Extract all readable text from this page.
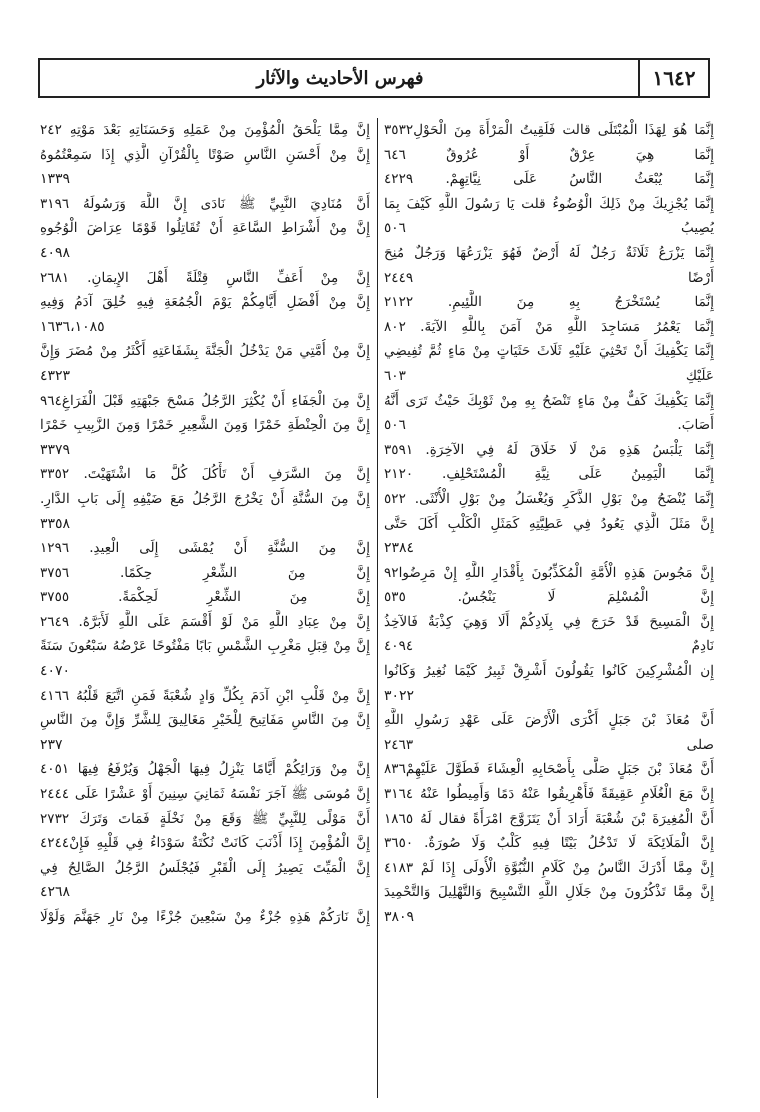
١٦٤٢
فهرس الأحاديث والآثار
إِنَّمَا هُوَ لِهَذَا الْمُبْتَلَى قالت فَلَقِيتُ الْمَرْأَةَ مِنَ الْحَوْلِ٣٥٣٢
إِنَّمَا هِيَ عِرْقٌ أَوْ عُرُوقٌ ٦٤٦
إِنَّمَا يُبْعَثُ النَّاسُ عَلَى نِيَّاتِهِمْ. ٤٢٢٩
إِنَّمَا يُجْزِيكَ مِنْ ذَلِكَ الْوُضُوءُ قلت يَا رَسُولَ اللَّهِ كَيْفَ بِمَا
يُصِيبُ ٥٠٦
إِنَّمَا يَزْرَعُ ثَلَاثَةٌ رَجُلٌ لَهُ أَرْضٌ فَهُوَ يَزْرَعُهَا وَرَجُلٌ مُنِحَ
أَرْضًا ٢٤٤٩
إِنَّمَا يُسْتَخْرَجُ بِهِ مِنَ اللَّئِيمِ. ٢١٢٢
إِنَّمَا يَعْمُرُ مَسَاجِدَ اللَّهِ مَنْ آمَنَ بِاللَّهِ الآيَةَ. ٨٠٢
إِنَّمَا يَكْفِيكَ أَنْ تَحْثِيَ عَلَيْهِ ثَلَاثَ حَثَيَاتٍ مِنْ مَاءٍ ثُمَّ تُفِيضِي
عَلَيْكِ ٦٠٣
إِنَّمَا يَكْفِيكَ كَفٌّ مِنْ مَاءٍ تَنْضَحُ بِهِ مِنْ ثَوْبِكَ حَيْثُ تَرَى أَنَّهُ
أَصَابَ. ٥٠٦
إِنَّمَا يَلْبَسُ هَذِهِ مَنْ لَا خَلَاقَ لَهُ فِي الآخِرَةِ. ٣٥٩١
إِنَّمَا الْيَمِينُ عَلَى نِيَّةِ الْمُسْتَحْلِفِ. ٢١٢٠
إِنَّمَا يُنْضَحُ مِنْ بَوْلِ الذَّكَرِ وَيُغْسَلُ مِنْ بَوْلِ الْأُنْثَى. ٥٢٢
إِنَّ مَثَلَ الَّذِي يَعُودُ فِي عَطِيَّتِهِ كَمَثَلِ الْكَلْبِ أَكَلَ حَتَّى
٢٣٨٤
إِنَّ مَجُوسَ هَذِهِ الْأُمَّةِ الْمُكَذِّبُونَ بِأَقْدَارِ اللَّهِ إِنْ مَرِضُوا٩٢
إِنَّ الْمُسْلِمَ لَا يَنْجُسُ. ٥٣٥
إِنَّ الْمَسِيحَ قَدْ خَرَجَ فِي بِلَادِكُمْ أَلَا وَهِيَ كِذْبَةٌ فَالآخِذُ
نَادِمٌ ٤٠٩٤
إِن الْمُشْرِكِينَ كَانُوا يَقُولُونَ أَشْرِقْ ثَبِيرُ كَيْمَا نُغِيرُ وَكَانُوا
٣٠٢٢
أَنَّ مُعَاذَ بْنَ جَبَلٍ أَكْرَى الْأَرْضَ عَلَى عَهْدِ رَسُولِ اللَّهِ
صلى ٢٤٦٣
أَنَّ مُعَاذَ بْنَ جَبَلٍ صَلَّى بِأَصْحَابِهِ الْعِشَاءَ فَطَوَّلَ عَلَيْهِمْ٨٣٦
إِنَّ مَعَ الْغُلَامِ عَقِيقَةً فَأَهْرِيقُوا عَنْهُ دَمًا وَأَمِيطُوا عَنْهُ ٣١٦٤
أَنَّ الْمُغِيرَةَ بْنَ شُعْبَةَ أَرَادَ أَنْ يَتَزَوَّجَ امْرَأَةً فقال لَهُ ١٨٦٥
إِنَّ الْمَلَائِكَةَ لَا تَدْخُلُ بَيْتًا فِيهِ كَلْبٌ وَلَا صُورَةٌ. ٣٦٥٠
إِنَّ مِمَّا أَدْرَكَ النَّاسُ مِنْ كَلَامِ النُّبُوَّةِ الْأُولَى إِذَا لَمْ ٤١٨٣
إِنَّ مِمَّا تَذْكُرُونَ مِنْ جَلَالِ اللَّهِ التَّسْبِيحَ وَالتَّهْلِيلَ وَالتَّحْمِيدَ
٣٨٠٩
إِنَّ مِمَّا يَلْحَقُ الْمُؤْمِنَ مِنْ عَمَلِهِ وَحَسَنَاتِهِ بَعْدَ مَوْتِهِ ٢٤٢
إِنَّ مِنْ أَحْسَنِ النَّاسِ صَوْتًا بِالْقُرْآنِ الَّذِي إِذَا سَمِعْتُمُوهُ
١٣٣٩
أَنَّ مُنَادِيَ النَّبِيِّ ﷺ نَادَى إِنَّ اللَّهَ وَرَسُولَهُ ٣١٩٦
إِنَّ مِنْ أَشْرَاطِ السَّاعَةِ أَنْ تُقَاتِلُوا قَوْمًا عِرَاضَ الْوُجُوهِ
٤٠٩٨
إِنَّ مِنْ أَعَفِّ النَّاسِ قِتْلَةً أَهْلَ الإِيمَانِ. ٢٦٨١
إِنَّ مِنْ أَفْضَلِ أَيَّامِكُمْ يَوْمَ الْجُمُعَةِ فِيهِ خُلِقَ آدَمُ وَفِيهِ
١٦٣٦،١٠٨٥
إِنَّ مِنْ أُمَّتِي مَنْ يَدْخُلُ الْجَنَّةَ بِشَفَاعَتِهِ أَكْثَرُ مِنْ مُضَرَ وَإِنَّ
٤٣٢٣
إِنَّ مِنَ الْجَفَاءِ أَنْ يُكْثِرَ الرَّجُلُ مَسْحَ جَبْهَتِهِ قَبْلَ الْفَرَاغِ٩٦٤
إِنَّ مِنَ الْحِنْطَةِ خَمْرًا وَمِنَ الشَّعِيرِ خَمْرًا وَمِنَ الزَّبِيبِ خَمْرًا
٣٣٧٩
إِنَّ مِنَ السَّرَفِ أَنْ تَأْكُلَ كُلَّ مَا اشْتَهَيْتَ. ٣٣٥٢
إِنَّ مِنَ السُّنَّةِ أَنْ يَخْرُجَ الرَّجُلُ مَعَ ضَيْفِهِ إِلَى بَابِ الدَّارِ.
٣٣٥٨
إِنَّ مِنَ السُّنَّةِ أَنْ يُمْشَى إِلَى الْعِيدِ. ١٢٩٦
إِنَّ مِنَ الشِّعْرِ حِكَمًا. ٣٧٥٦
إِنَّ مِنَ الشِّعْرِ لَحِكْمَةً. ٣٧٥٥
إِنَّ مِنْ عِبَادِ اللَّهِ مَنْ لَوْ أَقْسَمَ عَلَى اللَّهِ لَأَبَرَّهُ. ٢٦٤٩
إِنَّ مِنْ قِبَلِ مَغْرِبِ الشَّمْسِ بَابًا مَفْتُوحًا عَرْضُهُ سَبْعُونَ سَنَةً
٤٠٧٠
إِنَّ مِنْ قَلْبِ ابْنِ آدَمَ بِكُلِّ وَادٍ شُعْبَةً فَمَنِ اتَّبَعَ قَلْبُهُ ٤١٦٦
إِنَّ مِنَ النَّاسِ مَفَاتِيحَ لِلْخَيْرِ مَغَالِيقَ لِلشَّرِّ وَإِنَّ مِنَ النَّاسِ
٢٣٧
إِنَّ مِنْ وَرَائِكُمْ أَيَّامًا يَنْزِلُ فِيهَا الْجَهْلُ وَيُرْفَعُ فِيهَا ٤٠٥١
إِنَّ مُوسَى ﷺ آجَرَ نَفْسَهُ ثَمَانِيَ سِنِينَ أَوْ عَشْرًا عَلَى ٢٤٤٤
أَنَّ مَوْلًى لِلنَّبِيِّ ﷺ وَقَعَ مِنْ نَخْلَةٍ فَمَاتَ وَتَرَكَ ٢٧٣٢
إِنَّ الْمُؤْمِنَ إِذَا أَذْنَبَ كَانَتْ نُكْتَةٌ سَوْدَاءُ فِي قَلْبِهِ فَإِنْ٤٢٤٤
إِنَّ الْمَيِّتَ يَصِيرُ إِلَى الْقَبْرِ فَيُجْلَسُ الرَّجُلُ الصَّالِحُ فِي
٤٢٦٨
إِنَّ نَارَكُمْ هَذِهِ جُزْءٌ مِنْ سَبْعِينَ جُزْءًا مِنْ نَارِ جَهَنَّمَ وَلَوْلَا
